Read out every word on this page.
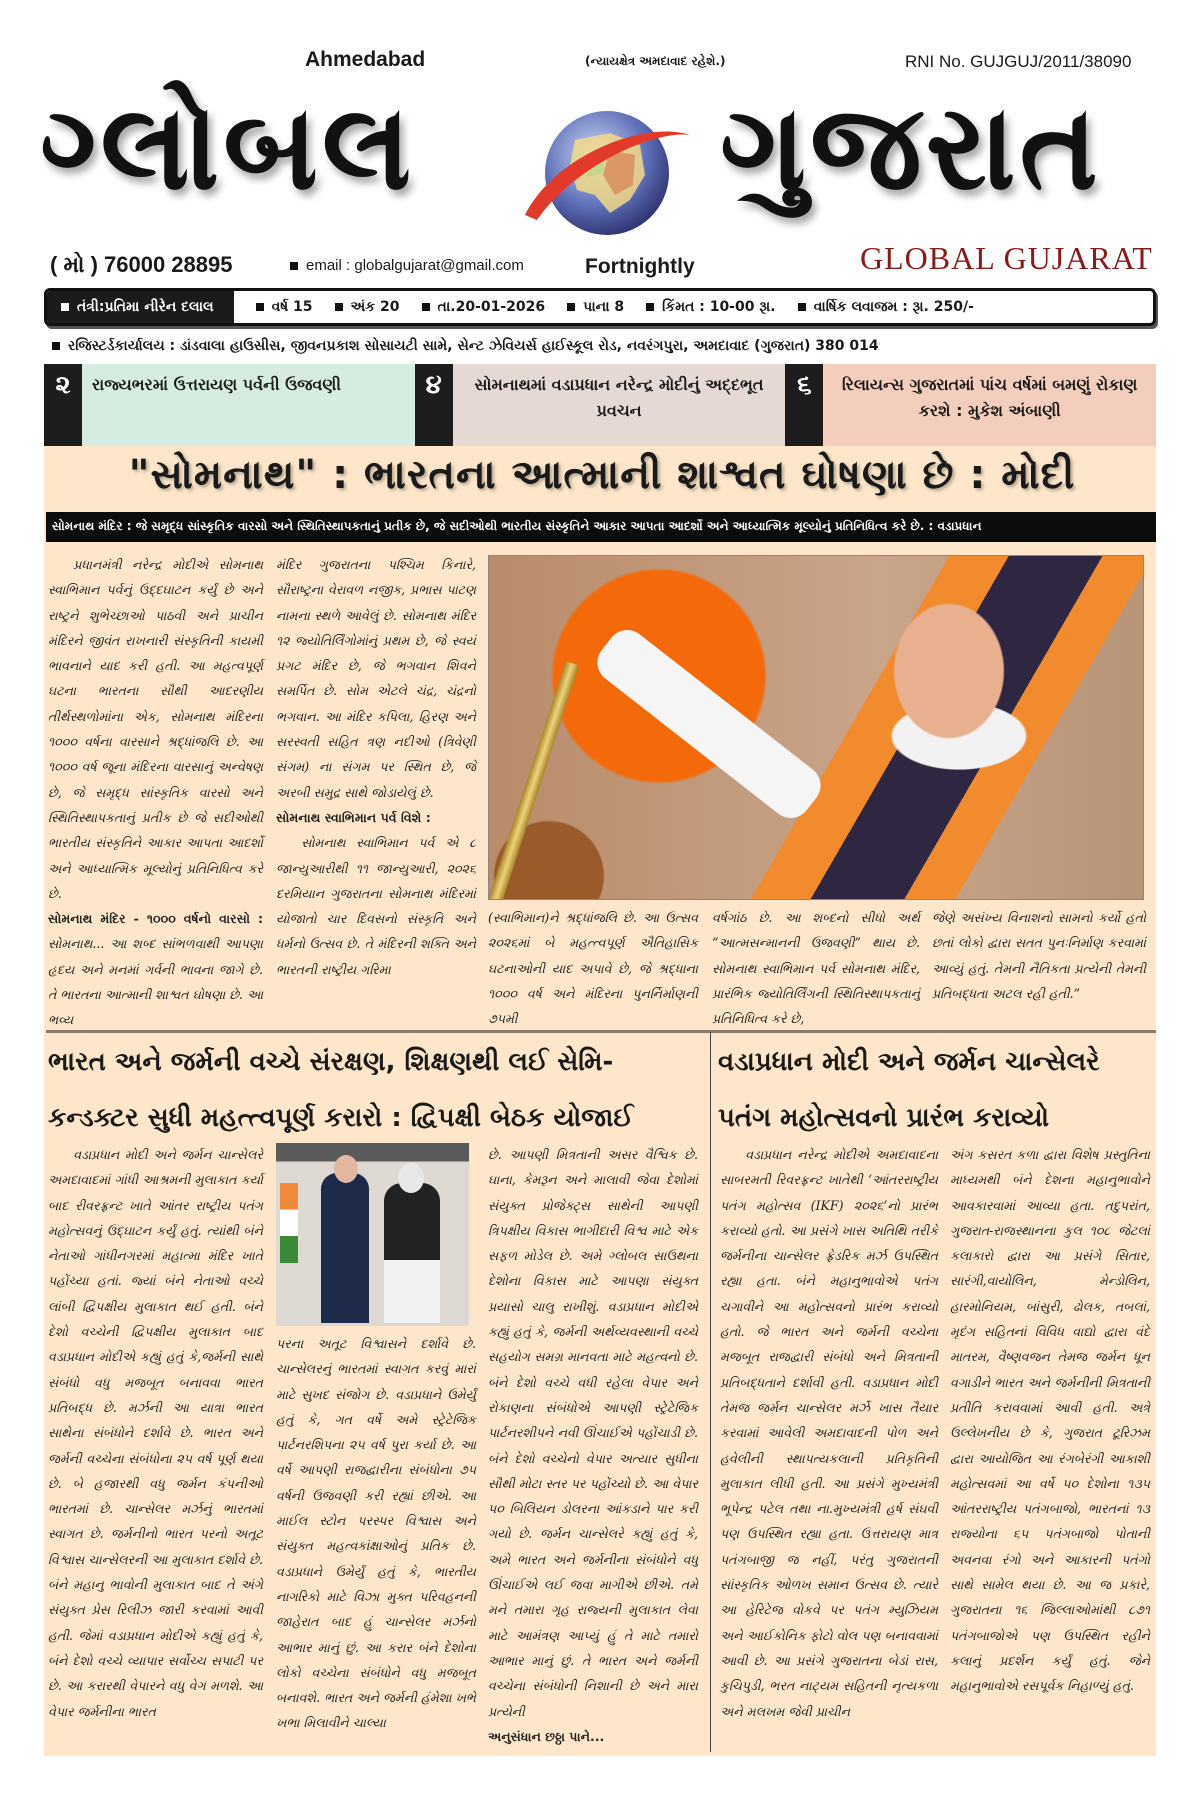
Ahmedabad	(ન્યાયક્ષેત્ર અમદાવાદ રહેશે.)	RNI No. GUJGUJ/2011/38090
ગ્લોબલ	ગુજરાત
GLOBAL GUJARAT
( મો ) 76000 28895	email : globalgujarat@gmail.com	Fortnightly
તંત્રી:પ્રતિમા નીરેન દલાલ	વર્ષ 15	અંક 20	તા.20-01-2026	પાના 8	કિંમત : 10-00 રૂા.	વાર્ષિક લવાજમ : રૂા. 250/-
રજિસ્ટર્ડકાર્યાલય : ડાંડવાલા હાઉસીસ, જીવનપ્રકાશ સોસાયટી સામે, સેન્ટ ઝેવિયર્સ હાઈસ્કૂલ રોડ, નવરંગપુરા, અમદાવાદ (ગુજરાત) 380 014
૨	રાજ્યભરમાં ઉત્તરાયણ પર્વની ઉજવણી	૪	સોમનાથમાં વડાપ્રધાન નરેન્દ્ર મોદીનું અદ્દભૂત પ્રવચન
૬	રિલાયન્સ ગુજરાતમાં પાંચ વર્ષમાં બમણું રોકાણ કરશે : મુકેશ અંબાણી
"સોમનાથ" : ભારતના આત્માની શાશ્વત ઘોષણા છે : મોદી
સોમનાથ મંદિર : જે સમૃદ્ધ સાંસ્કૃતિક વારસો અને સ્થિતિસ્થાપકતાનું પ્રતીક છે, જે સદીઓથી ભારતીય સંસ્કૃતિને આકાર આપતા આદર્શો અને આધ્યાત્મિક મૂલ્યોનું પ્રતિનિધિત્વ કરે છે. : વડાપ્રધાન

પ્રધાનમંત્રી નરેન્દ્ર મોદીએ સોમનાથ સ્વાભિમાન પર્વનું ઉદ્દઘાટન કર્યું છે અને રાષ્ટ્રને શુભેચ્છાઓ પાઠવી અને પ્રાચીન મંદિરને જીવંત રાખનારી સંસ્કૃતિની કાયમી ભાવનાને યાદ કરી હતી. આ મહત્વપૂર્ણ ઘટના ભારતના સૌથી આદરણીય તીર્થસ્થળોમાંના એક, સોમનાથ મંદિરના ૧૦૦૦ વર્ષના વારસાને શ્રદ્ધાંજલિ છે. આ ૧૦૦૦ વર્ષ જૂના મંદિરના વારસાનું અન્વેષણ છે, જે સમૃદ્ધ સાંસ્કૃતિક વારસો અને સ્થિતિસ્થાપકતાનું પ્રતીક છે જે સદીઓથી ભારતીય સંસ્કૃતિને આકાર આપતા આદર્શો અને આધ્યાત્મિક મૂલ્યોનું પ્રતિનિધિત્વ કરે છે.

સોમનાથ મંદિર - ૧૦૦૦ વર્ષનો વારસો : સોમનાથ... આ શબ્દ સાંભળવાથી આપણા હૃદય અને મનમાં ગર્વની ભાવના જાગે છે. તે ભારતના આત્માની શાશ્વત ઘોષણા છે. આ ભવ્ય

મંદિર ગુજરાતના પશ્ચિમ કિનારે, સૌરાષ્ટ્રના વેરાવળ નજીક, પ્રભાસ પાટણ નામના સ્થળે આવેલું છે. સોમનાથ મંદિર ૧૨ જ્યોતિર્લિંગોમાંનું પ્રથમ છે, જે સ્વયં પ્રગટ મંદિર છે, જે ભગવાન શિવને સમર્પિત છે. સોમ એટલે ચંદ્ર, ચંદ્રનો ભગવાન. આ મંદિર કપિલા, હિરણ અને સરસ્વતી સહિત ત્રણ નદીઓ (ત્રિવેણી સંગમ) ના સંગમ પર સ્થિત છે, જે અરબી સમુદ્ર સાથે જોડાયેલું છે.

સોમનાથ સ્વાભિમાન પર્વ વિશે :

સોમનાથ સ્વાભિમાન પર્વ એ ૮ જાન્યુઆરીથી ૧૧ જાન્યુઆરી, ૨૦૨૬ દરમિયાન ગુજરાતના સોમનાથ મંદિરમાં યોજાતો ચાર દિવસનો સંસ્કૃતિ અને ધર્મનો ઉત્સવ છે. તે મંદિરની શક્તિ અને ભારતની રાષ્ટ્રીય ગરિમા

(સ્વાભિમાન)ને શ્રદ્ધાંજલિ છે. આ ઉત્સવ ૨૦૨૬માં બે મહત્ત્વપૂર્ણ ઐતિહાસિક ઘટનાઓની યાદ અપાવે છે, જે શ્રદ્ધાના ૧૦૦૦ વર્ષ અને મંદિરના પુનર્નિર્માણની ૭૫મી

વર્ષગાંઠ છે. આ શબ્દનો સીધો અર્થ “આત્મસન્માનની ઉજવણી” થાય છે. સોમનાથ સ્વાભિમાન પર્વ સોમનાથ મંદિર, પ્રારંભિક જ્યોતિર્લિંગની સ્થિતિસ્થાપકતાનું પ્રતિનિધિત્વ કરે છે,

જેણે અસંખ્ય વિનાશનો સામનો કર્યો હતો છતાં લોકો દ્વારા સતત પુનઃનિર્માણ કરવામાં આવ્યું હતું. તેમની નૈતિકતા પ્રત્યેની તેમની પ્રતિબદ્ધતા અટલ રહી હતી.”

ભારત અને જર્મની વચ્ચે સંરક્ષણ, શિક્ષણથી લઈ સેમિ-
કન્ડક્ટર સુધી મહત્ત્વપૂર્ણ કરારો : દ્વિપક્ષી બેઠક યોજાઈ

વડાપ્રધાન મોદી અને જર્મન ચાન્સેલરે અમદાવાદમાં ગાંધી આશ્રમની મુલાકાત કર્યા બાદ રીવરફ્રન્ટ ખાતે આંતર રાષ્ટ્રીય પતંગ મહોત્સવનું ઉદ્ઘાટન કર્યું હતું. ત્યાંથી બંને નેતાઓ ગાંધીનગરમાં મહાત્મા મંદિર ખાતે પહોંચ્યા હતાં. જ્યાં બંને નેતાઓ વચ્ચે લાંબી દ્વિપક્ષીય મુલાકાત થઈ હતી. બંને દેશો વચ્ચેની દ્વિપક્ષીય મુલાકાત બાદ વડાપ્રધાન મોદીએ કહ્યું હતું કે,જર્મની સાથે સંબંધો વધુ મજબૂત બનાવવા ભારત પ્રતિબદ્ધ છે. મર્ઝની આ યાત્રા ભારત સાથેના સંબંધોને દર્શાવે છે. ભારત અને જર્મની વચ્ચેના સંબંધોના ૨૫ વર્ષ પૂર્ણ થયા છે. બે હજારથી વધુ જર્મન કંપનીઓ ભારતમાં છે. ચાન્સેલર મર્ઝનું ભારતમાં સ્વાગત છે. જર્મનીનો ભારત પરનો અતૂટ વિશ્વાસ ચાન્સેલરની આ મુલાકાત દર્શાવે છે. બંને મહાનુ ભાવોની મુલાકાત બાદ તે અંગે સંયુક્ત પ્રેસ રિલીઝ જારી કરવામાં આવી હતી. જેમાં વડાપ્રધાન મોદીએ કહ્યું હતું કે, બંને દેશો વચ્ચે વ્યાપાર સર્વોચ્ચ સપાટી પર છે. આ કરારથી વેપારને વધુ વેગ મળશે. આ વેપાર જર્મનીના ભારત

પરના અતૂટ વિશ્વાસને દર્શાવે છે. ચાન્સેલરનું ભારતમાં સ્વાગત કરવું મારાં માટે સુખદ સંજોગ છે. વડાપ્રધાને ઉમેર્યું હતું કે, ગત વર્ષે અમે સ્ટ્રેટેજિક પાર્ટનરશિપના ૨૫ વર્ષ પુરા કર્યા છે. આ વર્ષે આપણી રાજદ્વારીના સંબંધોના ૭૫ વર્ષની ઉજવણી કરી રહ્યાં છીએ. આ માઈલ સ્ટોન પરસ્પર વિશ્વાસ અને સંયુક્ત મહત્વકાંક્ષાઓનું પ્રતિક છે. વડાપ્રધાને ઉમેર્યું હતું કે, ભારતીય નાગરિકો માટે વિઝા મુક્ત પરિવહનની જાહેરાત બાદ હું ચાન્સેલર મર્ઝનો આભાર માનું છું. આ કરાર બંને દેશોના લોકો વચ્ચેના સંબંધોને વધુ મજબૂત બનાવશે. ભારત અને જર્મની હંમેશા ખભે ખભા મિલાવીને ચાલ્યા

છે. આપણી મિત્રતાની અસર વૈશ્વિક છે. ઘાના, કેમરૂન અને માલાવી જેવા દેશોમાં સંયુક્ત પ્રોજેક્ટ્સ સાથેની આપણી ત્રિપક્ષીય વિકાસ ભાગીદારી વિશ્વ માટે એક સફળ મોડેલ છે. અમે ગ્લોબલ સાઉથના દેશોના વિકાસ માટે આપણા સંયુક્ત પ્રયાસો ચાલુ રાખીશું. વડાપ્રધાન મોદીએ કહ્યું હતું કે, જર્મની અર્થવ્યવસ્થાની વચ્ચે સહયોગ સમગ્ર માનવતા માટે મહત્વનો છે. બંને દેશો વચ્ચે વધી રહેલા વેપાર અને રોકાણના સંબંધોએ આપણી સ્ટ્રેટેજિક પાર્ટનરશીપને નવી ઊંચાઈએ પહોંચાડી છે. બંને દેશો વચ્ચેનો વેપાર અત્યાર સુધીના સૌથી મોટા સ્તર પર પહોંચ્યો છે. આ વેપાર ૫૦ બિલિયન ડોલરના આંકડાને પાર કરી ગયો છે. જર્મન ચાન્સેલરે કહ્યું હતું કે, અમે ભારત અને જર્મનીના સંબંધોને વધુ ઊંચાઈએ લઈ જવા માગીએ છીએ. તમે મને તમારા ગૃહ રાજ્યની મુલાકાત લેવા માટે આમંત્રણ આપ્યું હું તે માટે તમારો આભાર માનું છું. તે ભારત અને જર્મની વચ્ચેના સંબંધોની નિશાની છે અને મારા પ્રત્યેની

અનુસંધાન છઠ્ઠા પાને...

વડાપ્રધાન મોદી અને જર્મન ચાન્સેલરે
પતંગ મહોત્સવનો પ્રારંભ કરાવ્યો

વડાપ્રધાન નરેન્દ્ર મોદીએ અમદાવાદના સાબરમતી રિવરફ્રન્ટ ખાતેથી ‘આંતરરાષ્ટ્રીય પતંગ મહોત્સવ (IKF) ૨૦૨૬‘નો પ્રારંભ કરાવ્યો હતો. આ પ્રસંગે ખાસ અતિથિ તરીકે જર્મનીના ચાન્સેલર ફ્રેડરિક મર્ઝ ઉપસ્થિત રહ્યા હતા. બંને મહાનુભાવોએ પતંગ ચગાવીને આ મહોત્સવનો પ્રારંભ કરાવ્યો હતો. જે ભારત અને જર્મની વચ્ચેના મજબૂત રાજદ્વારી સંબંધો અને મિત્રતાની પ્રતિબદ્ધતાને દર્શાવી હતી. વડાપ્રધાન મોદી તેમજ જર્મન ચાન્સેલર મર્ઝે ખાસ તૈયાર કરવામાં આવેલી અમદાવાદની પોળ અને હવેલીની સ્થાપત્યકલાની પ્રતિકૃતિની મુલાકાત લીધી હતી. આ પ્રસંગે મુખ્યમંત્રી ભૂપેન્દ્ર પટેલ તથા ના.મુખ્યમંત્રી હર્ષ સંઘવી પણ ઉપસ્થિત રહ્યા હતા. ઉત્તરાયણ માત્ર પતંગબાજી જ નહીં, પરંતુ ગુજરાતની સાંસ્કૃતિક ઓળખ સમાન ઉત્સવ છે. ત્યારે આ હેરિટેજ વોકવે પર પતંગ મ્યુઝિયમ અને આઈકોનિક ફોટો વોલ પણ બનાવવામાં આવી છે. આ પ્રસંગે ગુજરાતના બેડાં રાસ, કુચિપુડી, ભરત નાટ્યમ સહિતની નૃત્યકળા અને મલખમ જેવી પ્રાચીન

અંગ કસરત કળા દ્વારા વિશેષ પ્રસ્તુતિના માધ્યમથી બંને દેશના મહાનુભાવોને આવકારવામાં આવ્યા હતા. તદુપરાંત, ગુજરાત-રાજસ્થાનના કુલ ૧૦૮ જેટલાં કલાકારો દ્વારા આ પ્રસંગે સિતાર, સારંગી,વાયોલિન, મેન્ડોલિન, હારમોનિયમ, બાંસુરી, ઢોલક, તબલાં, મૃદંગ સહિતનાં વિવિધ વાદ્યો દ્વારા વંદે માતરમ, વૈષ્ણવજન તેમજ જર્મન ધૂન વગાડીને ભારત અને જર્મનીની મિત્રતાની પ્રતીતિ કરાવવામાં આવી હતી. અત્રે ઉલ્લેખનીય છે કે, ગુજરાત ટૂરિઝમ દ્વારા આયોજિત આ રંગબેરંગી આકાશી મહોત્સવમાં આ વર્ષે ૫૦ દેશોના ૧૩૫ આંતરરાષ્ટ્રીય પતંગબાજો, ભારતનાં ૧૩ રાજ્યોના ૬૫ પતંગબાજો પોતાની અવનવા રંગો અને આકારની પતંગો સાથે સામેલ થયા છે. આ જ પ્રકારે, ગુજરાતના ૧૬ જિલ્લાઓમાંથી ૮૭૧ પતંગબાજોએ પણ ઉપસ્થિત રહીને કલાનું પ્રદર્શન કર્યું હતું. જેને મહાનુભાવોએ રસપૂર્વક નિહાળ્યું હતું.
